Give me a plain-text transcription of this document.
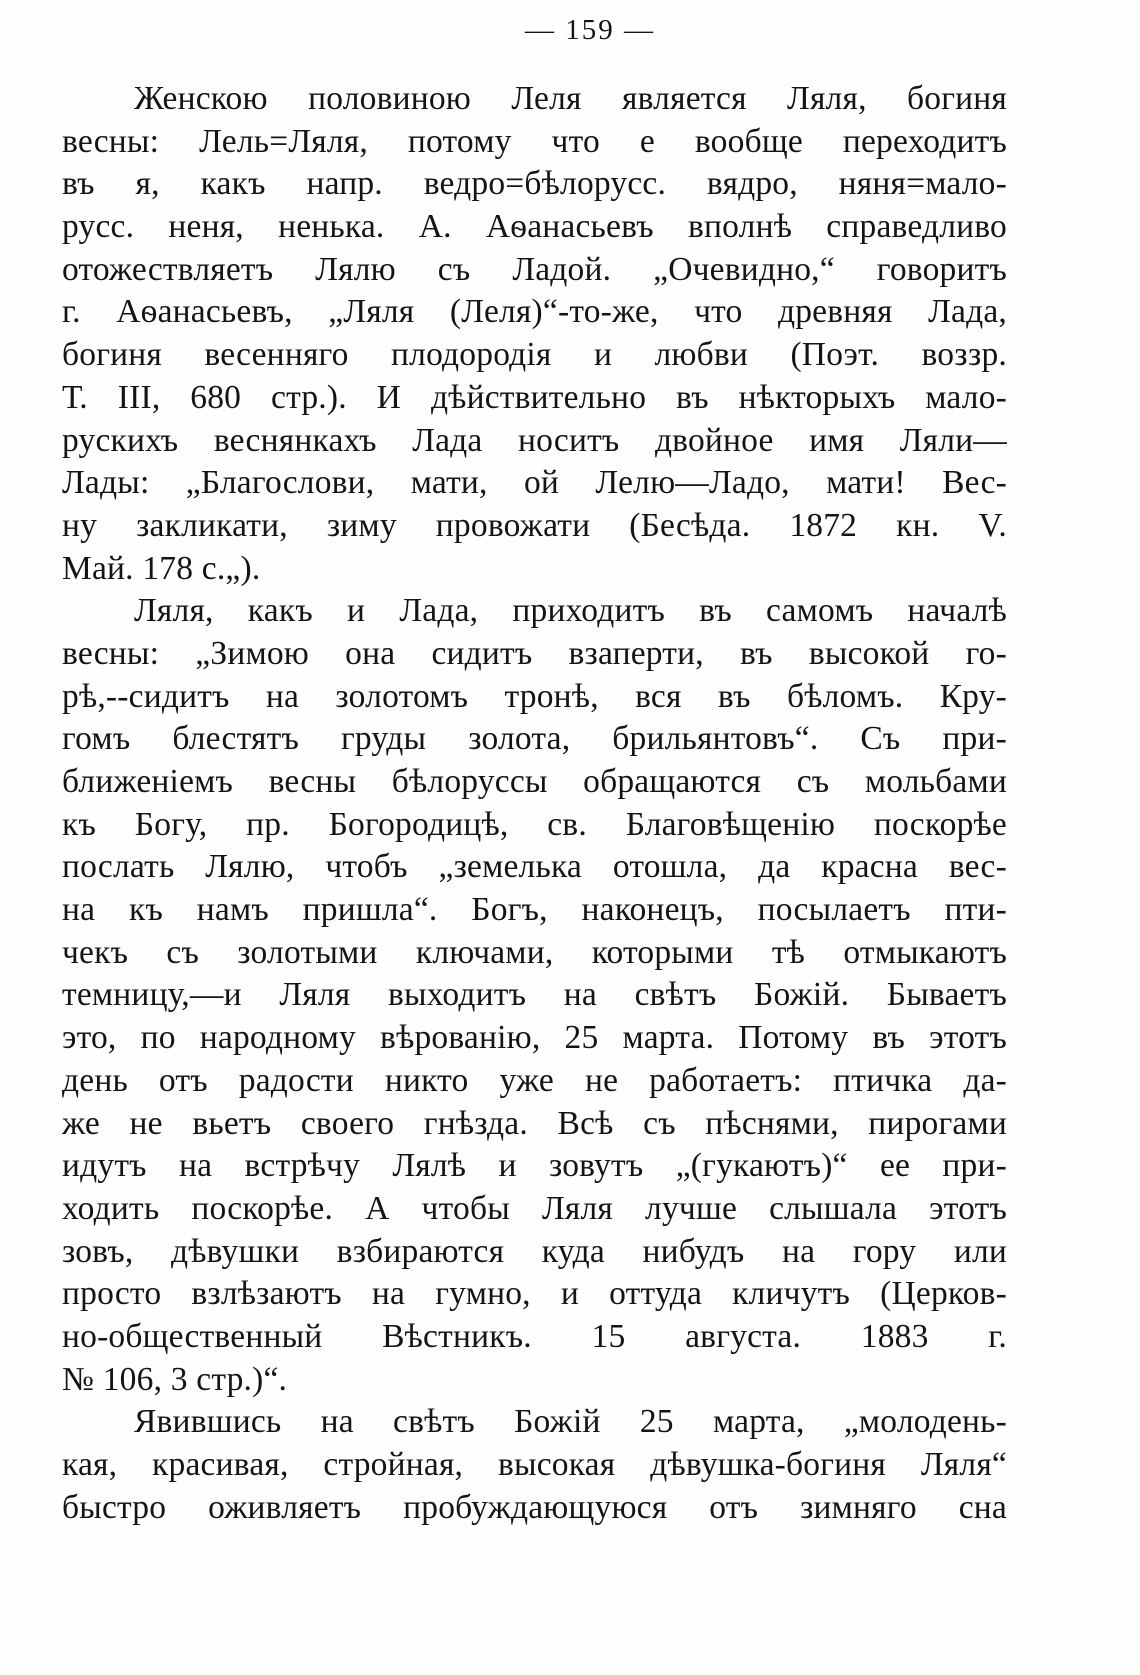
— 159 —
Женскою половиною Леля является Ляля, богиня
весны: Лель=Ляля, потому что е вообще переходитъ
въ я, какъ напр. ведро=бѣлорусс. вядро, няня=мало-
русс. неня, ненька. А. Аѳанасьевъ вполнѣ справедливо
отожествляетъ Лялю съ Ладой. „Очевидно,“ говоритъ
г. Аѳанасьевъ, „Ляля (Леля)“-то-же, что древняя Лада,
богиня весенняго плодородія и любви (Поэт. воззр.
Т. III, 680 стр.). И дѣйствительно въ нѣкторыхъ мало-
рускихъ веснянкахъ Лада носитъ двойное имя Ляли—
Лады: „Благослови, мати, ой Лелю—Ладо, мати! Вес-
ну закликати, зиму провожати (Бесѣда. 1872 кн. V.
Май. 178 с.„).
Ляля, какъ и Лада, приходитъ въ самомъ началѣ
весны: „Зимою она сидитъ взаперти, въ высокой го-
рѣ,--сидитъ на золотомъ тронѣ, вся въ бѣломъ. Кру-
гомъ блестятъ груды золота, брильянтовъ“. Съ при-
ближеніемъ весны бѣлоруссы обращаются съ мольбами
къ Богу, пр. Богородицѣ, св. Благовѣщенію поскорѣе
послать Лялю, чтобъ „земелька отошла, да красна вес-
на къ намъ пришла“. Богъ, наконецъ, посылаетъ пти-
чекъ съ золотыми ключами, которыми тѣ отмыкаютъ
темницу,—и Ляля выходитъ на свѣтъ Божій. Бываетъ
это, по народному вѣрованію, 25 марта. Потому въ этотъ
день отъ радости никто уже не работаетъ: птичка да-
же не вьетъ своего гнѣзда. Всѣ съ пѣснями, пирогами
идутъ на встрѣчу Лялѣ и зовутъ „(гукаютъ)“ ее при-
ходить поскорѣе. А чтобы Ляля лучше слышала этотъ
зовъ, дѣвушки взбираются куда нибудъ на гору или
просто взлѣзаютъ на гумно, и оттуда кличутъ (Церков-
но-общественный Вѣстникъ. 15 августа. 1883 г.
№ 106, 3 стр.)“.
Явившись на свѣтъ Божій 25 марта, „молодень-
кая, красивая, стройная, высокая дѣвушка-богиня Ляля“
быстро оживляетъ пробуждающуюся отъ зимняго сна
